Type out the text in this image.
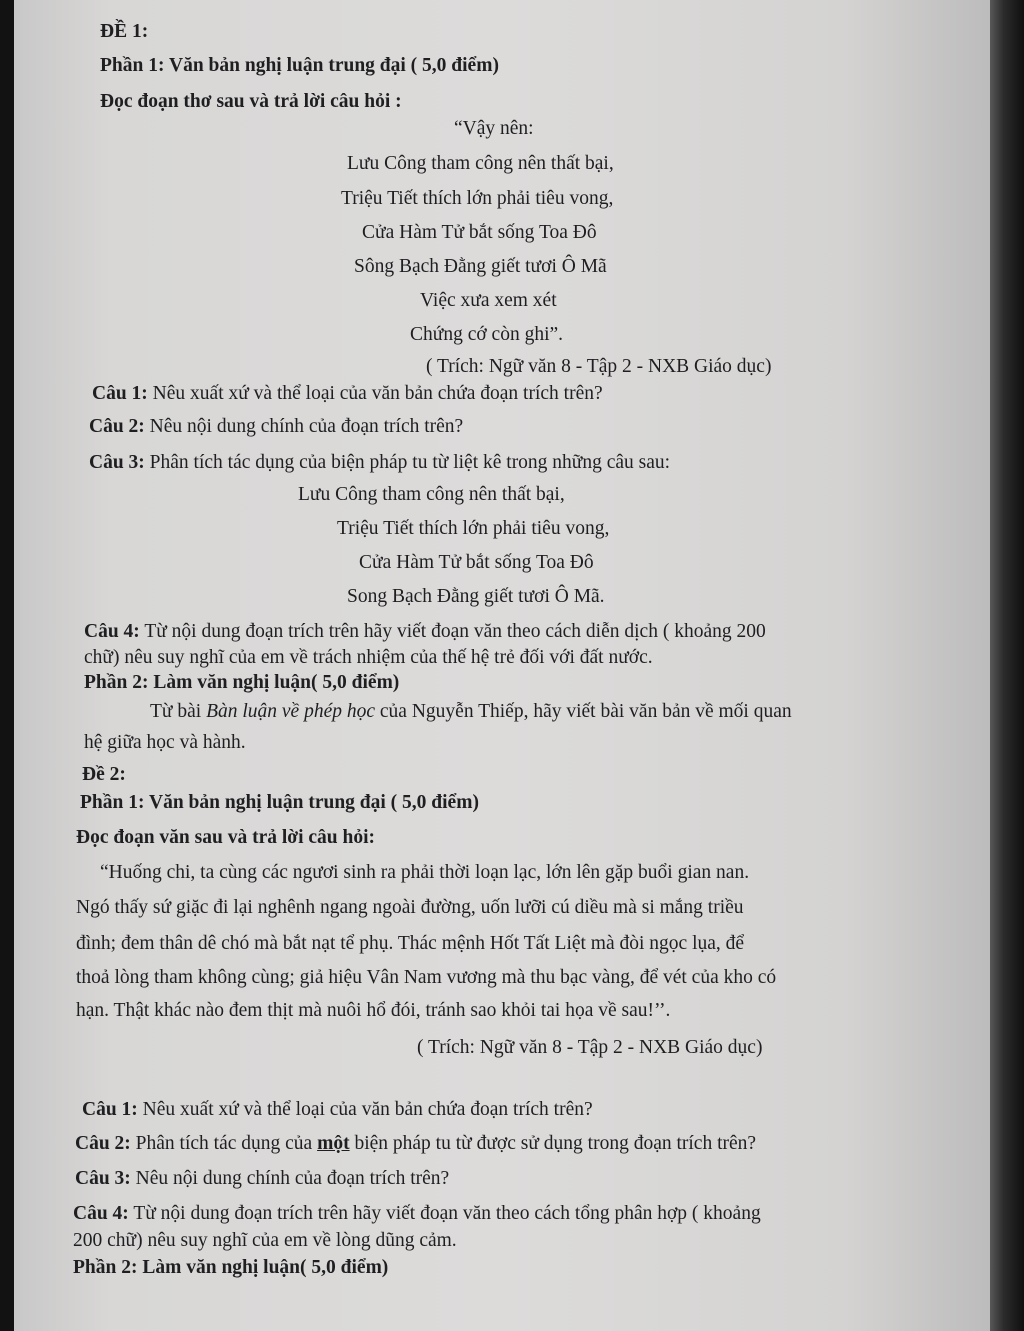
ĐỀ 1:
Phần 1: Văn bản nghị luận trung đại ( 5,0 điểm)
Đọc đoạn thơ sau và trả lời câu hỏi :
“Vậy nên:
Lưu Công tham công nên thất bại,
Triệu Tiết thích lớn phải tiêu vong,
Cửa Hàm Tử bắt sống Toa Đô
Sông Bạch Đằng giết tươi Ô Mã
Việc xưa xem xét
Chứng cớ còn ghi”.
( Trích: Ngữ văn 8 - Tập 2 - NXB Giáo dục)
Câu 1: Nêu xuất xứ và thể loại của văn bản chứa đoạn trích trên?
Câu 2: Nêu nội dung chính của đoạn trích trên?
Câu 3: Phân tích tác dụng của biện pháp tu từ liệt kê trong những câu sau:
Lưu Công tham công nên thất bại,
Triệu Tiết thích lớn phải tiêu vong,
Cửa Hàm Tử bắt sống Toa Đô
Song Bạch Đằng giết tươi Ô Mã.
Câu 4: Từ nội dung đoạn trích trên hãy viết đoạn văn theo cách diễn dịch ( khoảng 200
chữ) nêu suy nghĩ của em về trách nhiệm của thế hệ trẻ đối với đất nước.
Phần 2: Làm văn nghị luận( 5,0 điểm)
Từ bài Bàn luận về phép học của Nguyễn Thiếp, hãy viết bài văn bản về mối quan
hệ giữa học và hành.
Đề 2:
Phần 1: Văn bản nghị luận trung đại ( 5,0 điểm)
Đọc đoạn văn sau và trả lời câu hỏi:
“Huống chi, ta cùng các ngươi sinh ra phải thời loạn lạc, lớn lên gặp buổi gian nan.
Ngó thấy sứ giặc đi lại nghênh ngang ngoài đường, uốn lưỡi cú diều mà si mắng triều
đình; đem thân dê chó mà bắt nạt tể phụ. Thác mệnh Hốt Tất Liệt mà đòi ngọc lụa, để
thoả lòng tham không cùng; giả hiệu Vân Nam vương mà thu bạc vàng, để vét của kho có
hạn. Thật khác nào đem thịt mà nuôi hổ đói, tránh sao khỏi tai họa về sau!’’.
( Trích: Ngữ văn 8 - Tập 2 - NXB Giáo dục)
Câu 1: Nêu xuất xứ và thể loại của văn bản chứa đoạn trích trên?
Câu 2: Phân tích tác dụng của một biện pháp tu từ được sử dụng trong đoạn trích trên?
Câu 3: Nêu nội dung chính của đoạn trích trên?
Câu 4: Từ nội dung đoạn trích trên hãy viết đoạn văn theo cách tổng phân hợp ( khoảng
200 chữ) nêu suy nghĩ của em về lòng dũng cảm.
Phần 2: Làm văn nghị luận( 5,0 điểm)
